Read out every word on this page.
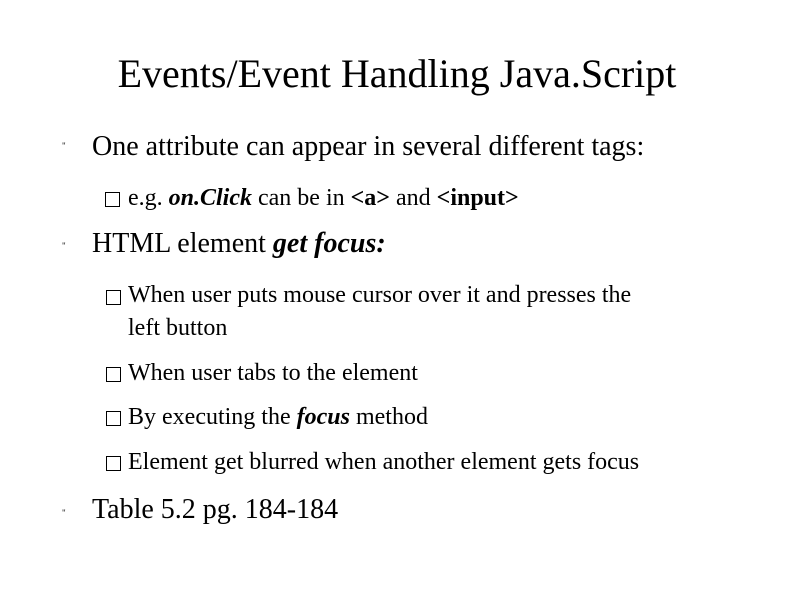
Events/Event Handling Java.Script
" One attribute can appear in several different tags:
e.g. on.Click can be in <a> and <input>
" HTML element get focus:
When user puts mouse cursor over it and presses the
left button
When user tabs to the element
By executing the focus method
Element get blurred when another element gets focus
" Table 5.2 pg. 184-184
